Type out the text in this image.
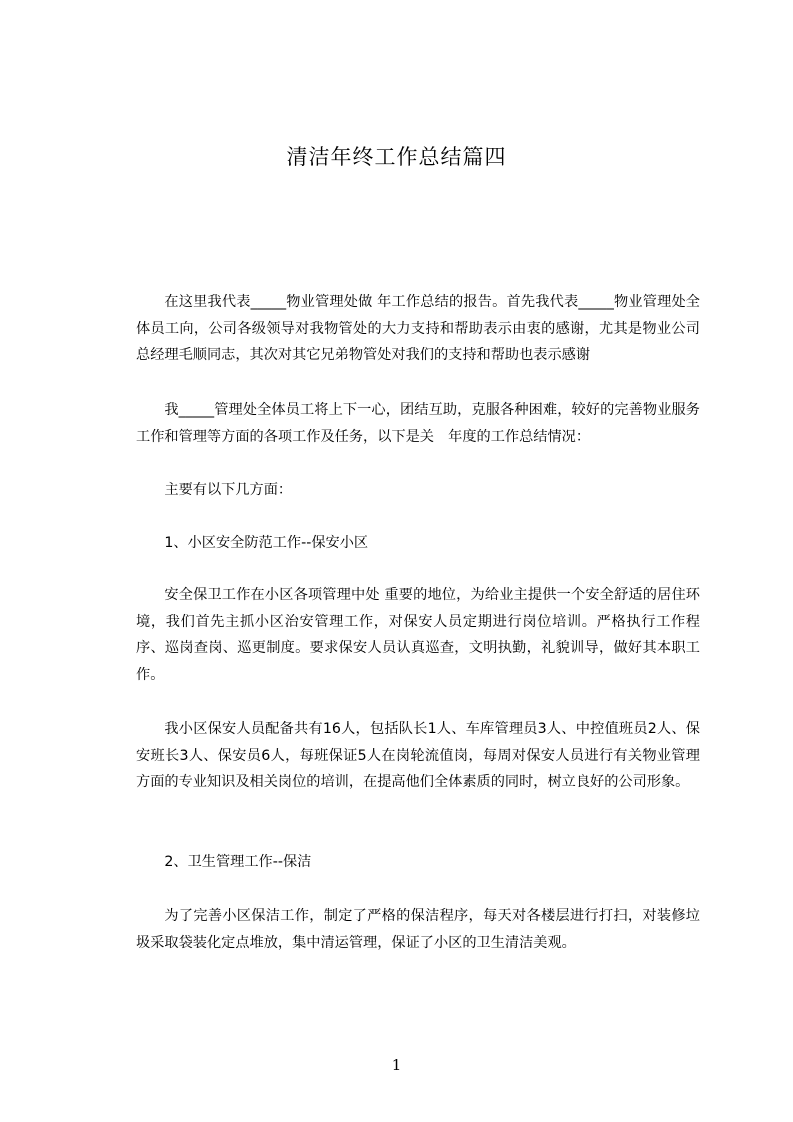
清洁年终工作总结篇四

在这里我代表_____物业管理处做 年工作总结的报告。首先我代表_____物业管理处全体员工向，公司各级领导对我物管处的大力支持和帮助表示由衷的感谢，尤其是物业公司总经理毛顺同志，其次对其它兄弟物管处对我们的支持和帮助也表示感谢

我_____管理处全体员工将上下一心，团结互助，克服各种困难，较好的完善物业服务工作和管理等方面的各项工作及任务，以下是关　年度的工作总结情况：

主要有以下几方面：

1、小区安全防范工作--保安小区

安全保卫工作在小区各项管理中处 重要的地位，为给业主提供一个安全舒适的居住环境，我们首先主抓小区治安管理工作，对保安人员定期进行岗位培训。严格执行工作程序、巡岗查岗、巡更制度。要求保安人员认真巡查，文明执勤，礼貌训导，做好其本职工作。

我小区保安人员配备共有16人，包括队长1人、车库管理员3人、中控值班员2人、保安班长3人、保安员6人，每班保证5人在岗轮流值岗，每周对保安人员进行有关物业管理方面的专业知识及相关岗位的培训，在提高他们全体素质的同时，树立良好的公司形象。

2、卫生管理工作--保洁

为了完善小区保洁工作，制定了严格的保洁程序，每天对各楼层进行打扫，对装修垃圾采取袋装化定点堆放，集中清运管理，保证了小区的卫生清洁美观。

1
